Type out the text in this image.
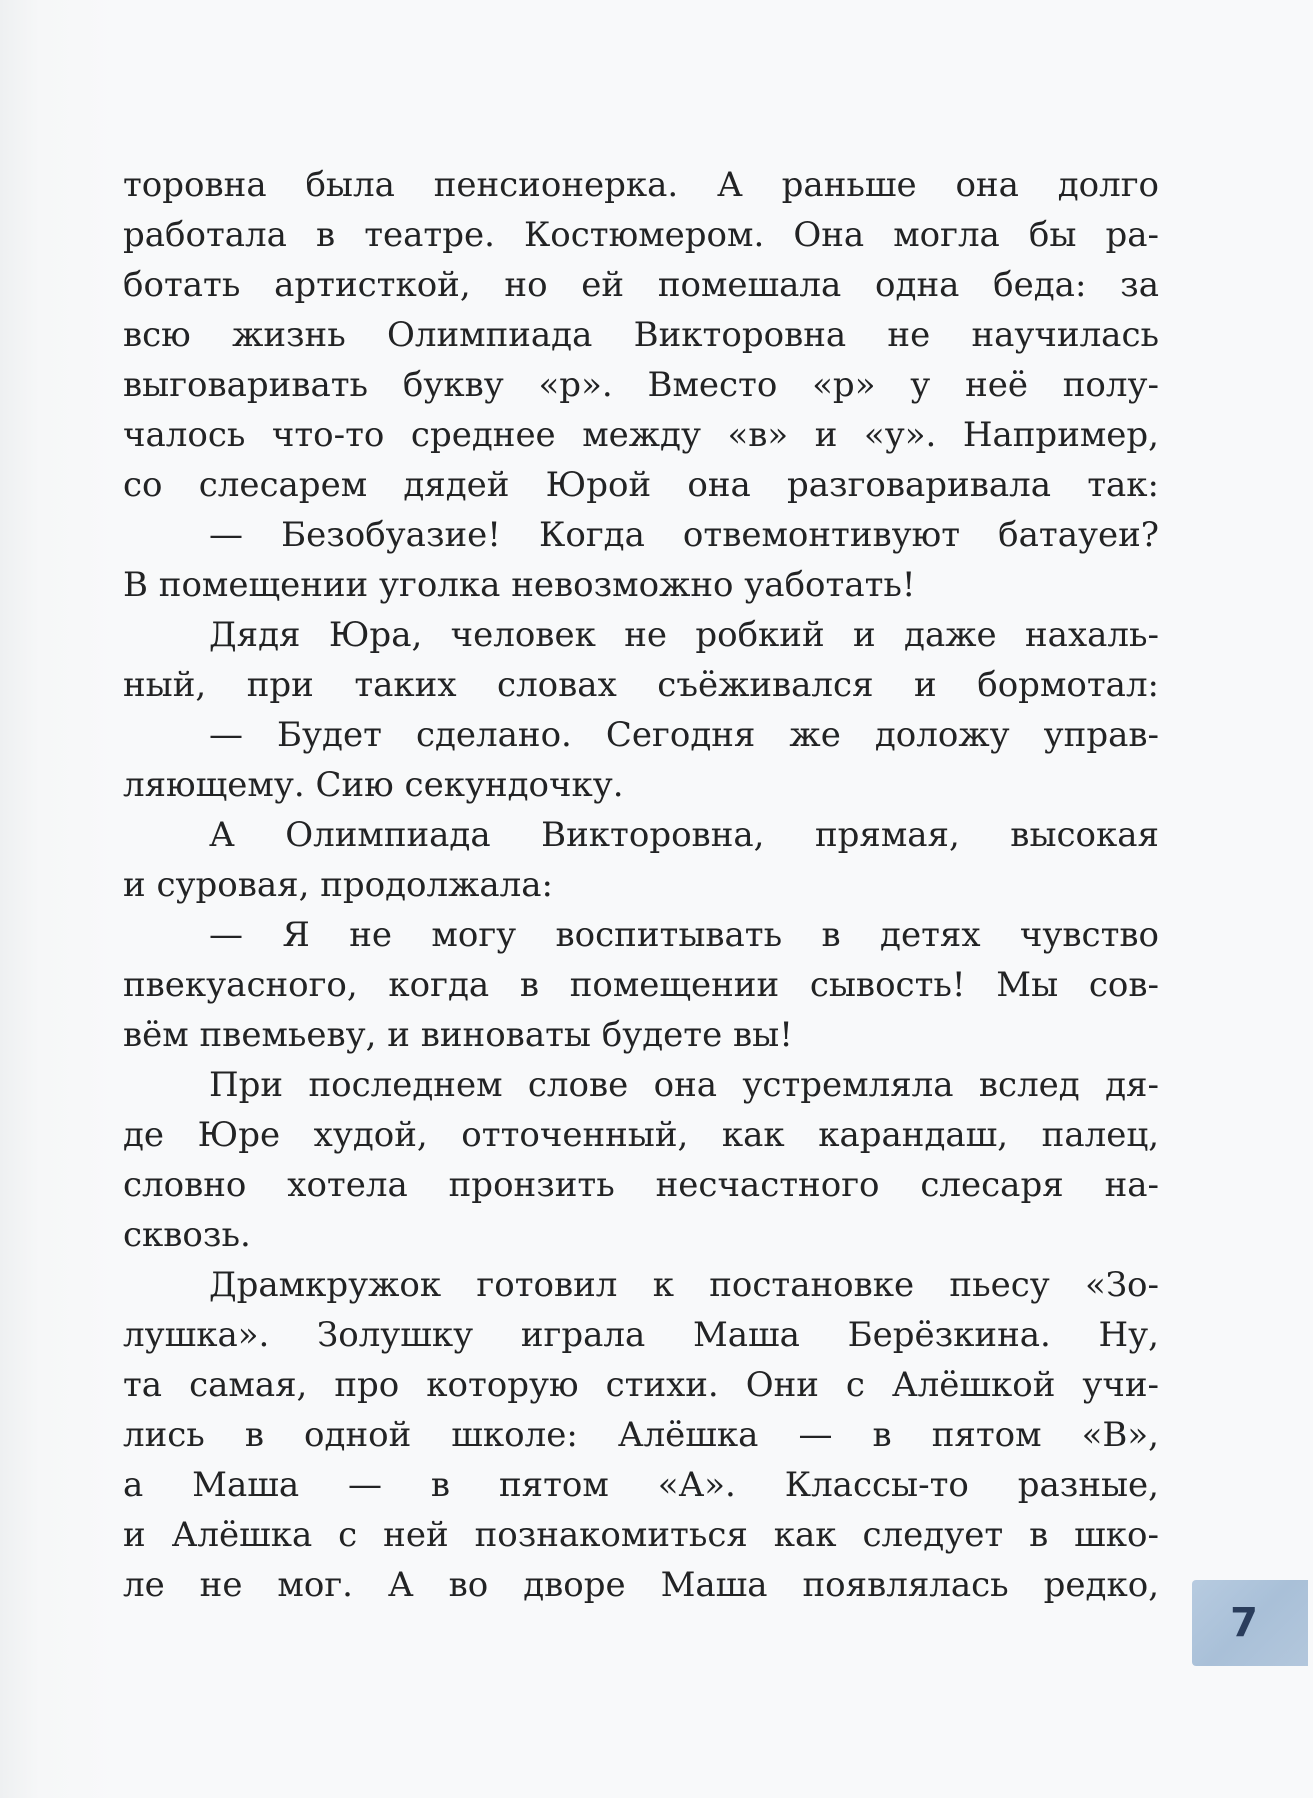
торовна была пенсионерка. А раньше она долго
работала в театре. Костюмером. Она могла бы ра-
ботать артисткой, но ей помешала одна беда: за
всю жизнь Олимпиада Викторовна не научилась
выговаривать букву «р». Вместо «р» у неё полу-
чалось что-то среднее между «в» и «у». Например,
со слесарем дядей Юрой она разговаривала так:
— Безобуазие! Когда отвемонтивуют батауеи?
В помещении уголка невозможно уаботать!
Дядя Юра, человек не робкий и даже нахаль-
ный, при таких словах съёживался и бормотал:
— Будет сделано. Сегодня же доложу управ-
ляющему. Сию секундочку.
А Олимпиада Викторовна, прямая, высокая
и суровая, продолжала:
— Я не могу воспитывать в детях чувство
пвекуасного, когда в помещении сывость! Мы сов-
вём пвемьеву, и виноваты будете вы!
При последнем слове она устремляла вслед дя-
де Юре худой, отточенный, как карандаш, палец,
словно хотела пронзить несчастного слесаря на-
сквозь.
Драмкружок готовил к постановке пьесу «Зо-
лушка». Золушку играла Маша Берёзкина. Ну,
та самая, про которую стихи. Они с Алёшкой учи-
лись в одной школе: Алёшка — в пятом «В»,
а Маша — в пятом «А». Классы-то разные,
и Алёшка с ней познакомиться как следует в шко-
ле не мог. А во дворе Маша появлялась редко,
7
